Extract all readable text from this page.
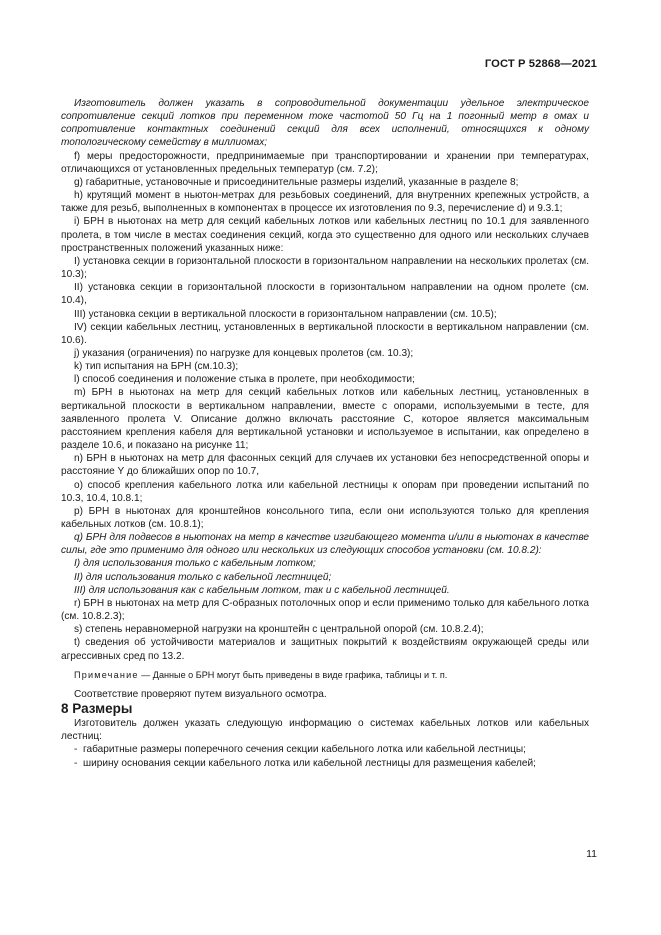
ГОСТ Р 52868—2021

Изготовитель должен указать в сопроводительной документации удельное электрическое сопротивление секций лотков при переменном токе частотой 50 Гц на 1 погонный метр в омах и сопротивление контактных соединений секций для всех исполнений, относящихся к одному топологическому семейству в миллиомах;

f) меры предосторожности, предпринимаемые при транспортировании и хранении при температурах, отличающихся от установленных предельных температур (см. 7.2);

g) габаритные, установочные и присоединительные размеры изделий, указанные в разделе 8;

h) крутящий момент в ньютон-метрах для резьбовых соединений, для внутренних крепежных устройств, а также для резьб, выполненных в компонентах в процессе их изготовления по 9.3, перечисление d) и 9.3.1;

i) БРН в ньютонах на метр для секций кабельных лотков или кабельных лестниц по 10.1 для заявленного пролета, в том числе в местах соединения секций, когда это существенно для одного или нескольких случаев пространственных положений указанных ниже:

I) установка секции в горизонтальной плоскости в горизонтальном направлении на нескольких пролетах (см. 10.3);

II) установка секции в горизонтальной плоскости в горизонтальном направлении на одном пролете (см. 10.4),

III) установка секции в вертикальной плоскости в горизонтальном направлении (см. 10.5);

IV) секции кабельных лестниц, установленных в вертикальной плоскости в вертикальном направлении (см. 10.6).

j) указания (ограничения) по нагрузке для концевых пролетов (см. 10.3);

k) тип испытания на БРН (см.10.3);

l) способ соединения и положение стыка в пролете, при необходимости;

m) БРН в ньютонах на метр для секций кабельных лотков или кабельных лестниц, установленных в вертикальной плоскости в вертикальном направлении, вместе с опорами, используемыми в тесте, для заявленного пролета V. Описание должно включать расстояние С, которое является максимальным расстоянием крепления кабеля для вертикальной установки и используемое в испытании, как определено в разделе 10.6, и показано на рисунке 11;

n) БРН в ньютонах на метр для фасонных секций для случаев их установки без непосредственной опоры и расстояние Y до ближайших опор по 10.7,

o) способ крепления кабельного лотка или кабельной лестницы к опорам при проведении испытаний по 10.3, 10.4, 10.8.1;

p) БРН в ньютонах для кронштейнов консольного типа, если они используются только для крепления кабельных лотков (см. 10.8.1);

q) БРН для подвесов в ньютонах на метр в качестве изгибающего момента и/или в ньютонах в качестве силы, где это применимо для одного или нескольких из следующих способов установки (см. 10.8.2):

I) для использования только с кабельным лотком;

II) для использования только с кабельной лестницей;

III) для использования как с кабельным лотком, так и с кабельной лестницей.

r) БРН в ньютонах на метр для С-образных потолочных опор и если применимо только для кабельного лотка (см. 10.8.2.3);

s) степень неравномерной нагрузки на кронштейн с центральной опорой (см. 10.8.2.4);

t) сведения об устойчивости материалов и защитных покрытий к воздействиям окружающей среды или агрессивных сред по 13.2.

Примечание — Данные о БРН могут быть приведены в виде графика, таблицы и т. п.

Соответствие проверяют путем визуального осмотра.

8 Размеры

Изготовитель должен указать следующую информацию о системах кабельных лотков или кабельных лестниц:

- габаритные размеры поперечного сечения секции кабельного лотка или кабельной лестницы;

- ширину основания секции кабельного лотка или кабельной лестницы для размещения кабелей;

11
